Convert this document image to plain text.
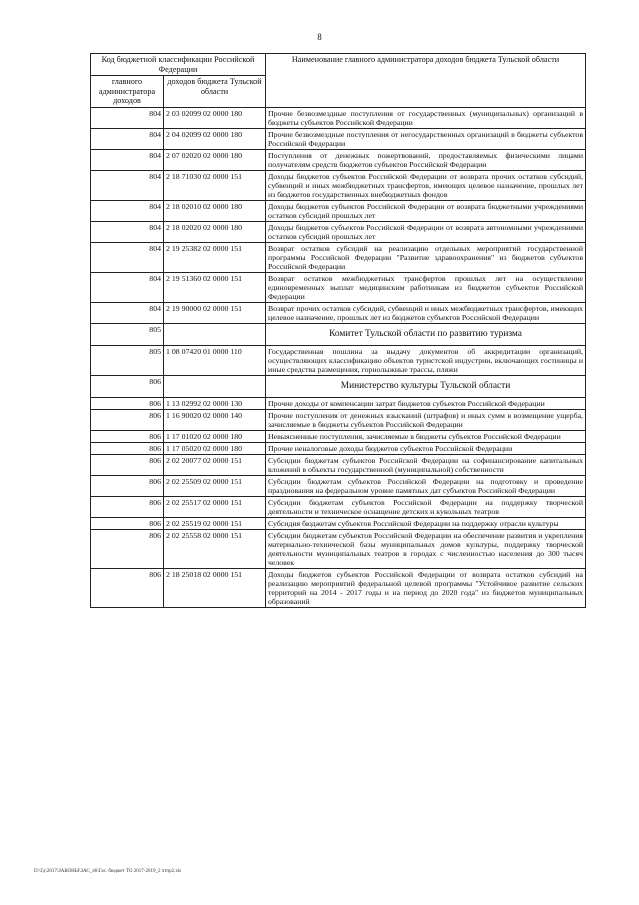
8
Код бюджетной классификации Российской Федерации		Наименование главного администратора доходов бюджета Тульской области
главного администратора доходов	доходов бюджета Тульской области	
804	2 03 02099 02 0000 180	Прочие безвозмездные поступления от государственных (муниципальных) организаций в бюджеты субъектов Российской Федерации
804	2 04 02099 02 0000 180	Прочие безвозмездные поступления от негосударственных организаций в бюджеты субъектов Российской Федерации
804	2 07 02020 02 0000 180	Поступления от денежных пожертвований, предоставляемых физическими лицами получателям средств бюджетов субъектов Российской Федерации
804	2 18 71030 02 0000 151	Доходы бюджетов субъектов Российской Федерации от возврата прочих остатков субсидий, субвенций и иных межбюджетных трансфертов, имеющих целевое назначение, прошлых лет из бюджетов государственных внебюджетных фондов
804	2 18 02010 02 0000 180	Доходы бюджетов субъектов Российской Федерации от возврата бюджетными учреждениями остатков субсидий прошлых лет
804	2 18 02020 02 0000 180	Доходы бюджетов субъектов Российской Федерации от возврата автономными учреждениями остатков субсидий прошлых лет
804	2 19 25382 02 0000 151	Возврат остатков субсидий на реализацию отдельных мероприятий государственной программы Российской Федерации "Развитие здравоохранения" из бюджетов субъектов Российской Федерации
804	2 19 51360 02 0000 151	Возврат остатков межбюджетных трансфертов прошлых лет на осуществление единовременных выплат медицинским работникам из бюджетов субъектов Российской Федерации
804	2 19 90000 02 0000 151	Возврат прочих остатков субсидий, субвенций и иных межбюджетных трансфертов, имеющих целевое назначение, прошлых лет из бюджетов субъектов Российской Федерации
805		Комитет Тульской области по развитию туризма
805	1 08 07420 01 0000 110	Государственная пошлина за выдачу документов об аккредитации организаций, осуществляющих классификацию объектов туристской индустрии, включающих гостиницы и иные средства размещения, горнолыжные трассы, пляжи
806		Министерство культуры Тульской области
806	1 13 02992 02 0000 130	Прочие доходы от компенсации затрат бюджетов субъектов Российской Федерации
806	1 16 90020 02 0000 140	Прочие поступления от денежных взысканий (штрафов) и иных сумм в возмещение ущерба, зачисляемые в бюджеты субъектов Российской Федерации
806	1 17 01020 02 0000 180	Невыясненные поступления, зачисляемые в бюджеты субъектов Российской Федерации
806	1 17 05020 02 0000 180	Прочие неналоговые доходы бюджетов субъектов Российской Федерации
806	2 02 20077 02 0000 151	Субсидии бюджетам субъектов Российской Федерации на софинансирование капитальных вложений в объекты государственной (муниципальной) собственности
806	2 02 25509 02 0000 151	Субсидии бюджетам субъектов Российской Федерации на подготовку и проведение празднования на федеральном уровне памятных дат субъектов Российской Федерации
806	2 02 25517 02 0000 151	Субсидии бюджетам субъектов Российской Федерации на поддержку творческой деятельности и техническое оснащение детских и кукольных театров
806	2 02 25519 02 0000 151	Субсидия бюджетам субъектов Российской Федерации на поддержку отрасли культуры
806	2 02 25558 02 0000 151	Субсидии бюджетам субъектов Российской Федерации на обеспечение развития и укрепления материально-технической базы муниципальных домов культуры, поддержку творческой деятельности муниципальных театров в городах с численностью населения до 300 тысяч человек
806	2 18 25018 02 0000 151	Доходы бюджетов субъектов Российской Федерации от возврата остатков субсидий на реализацию мероприятий федеральной целевой программы "Устойчивое развитие сельских территорий на 2014 - 2017 годы и на период до 2020 года" из бюджетов муниципальных образований
D:\Гд\2017\ЗАКОНЫ\ЗАС_46\Гас. бюджет ТО 2017-2019_2 чтпр2.xls
